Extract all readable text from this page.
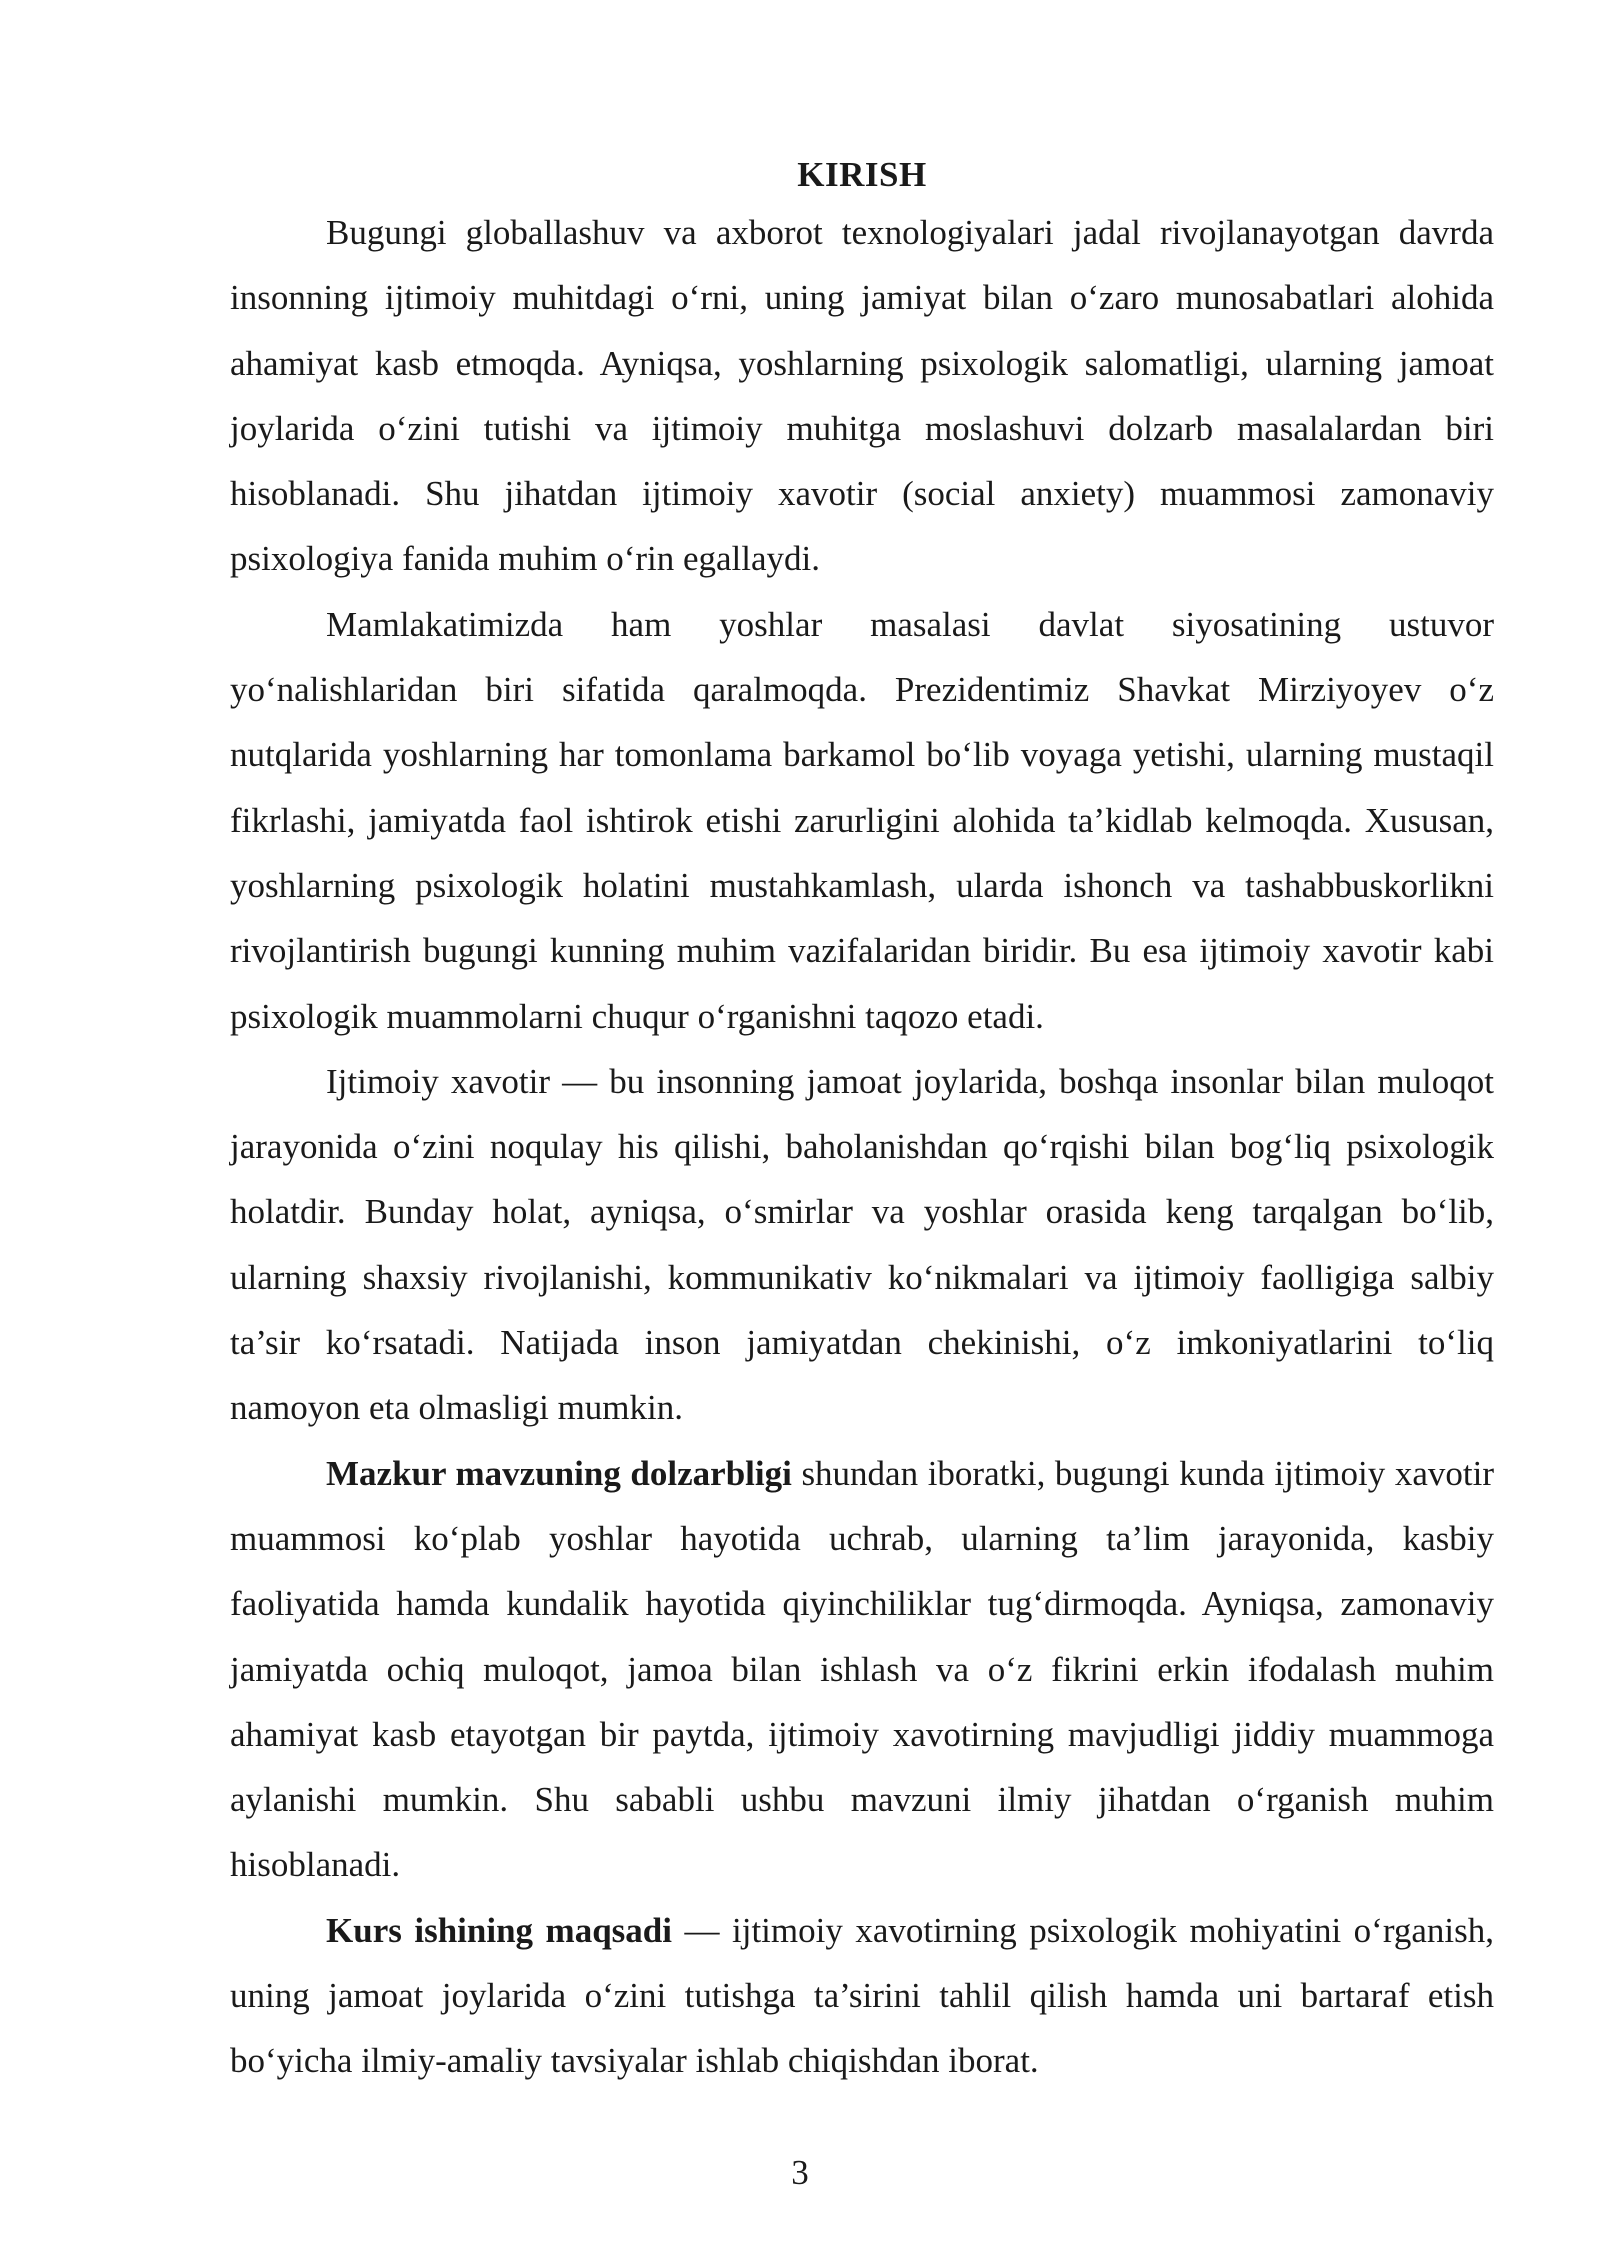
KIRISH

Bugungi globallashuv va axborot texnologiyalari jadal rivojlanayotgan davrda insonning ijtimoiy muhitdagi o‘rni, uning jamiyat bilan o‘zaro munosabatlari alohida ahamiyat kasb etmoqda. Ayniqsa, yoshlarning psixologik salomatligi, ularning jamoat joylarida o‘zini tutishi va ijtimoiy muhitga moslashuvi dolzarb masalalardan biri hisoblanadi. Shu jihatdan ijtimoiy xavotir (social anxiety) muammosi zamonaviy psixologiya fanida muhim o‘rin egallaydi.

Mamlakatimizda ham yoshlar masalasi davlat siyosatining ustuvor yo‘nalishlaridan biri sifatida qaralmoqda. Prezidentimiz Shavkat Mirziyoyev o‘z nutqlarida yoshlarning har tomonlama barkamol bo‘lib voyaga yetishi, ularning mustaqil fikrlashi, jamiyatda faol ishtirok etishi zarurligini alohida ta’kidlab kelmoqda. Xususan, yoshlarning psixologik holatini mustahkamlash, ularda ishonch va tashabbuskorlikni rivojlantirish bugungi kunning muhim vazifalaridan biridir. Bu esa ijtimoiy xavotir kabi psixologik muammolarni chuqur o‘rganishni taqozo etadi.

Ijtimoiy xavotir — bu insonning jamoat joylarida, boshqa insonlar bilan muloqot jarayonida o‘zini noqulay his qilishi, baholanishdan qo‘rqishi bilan bog‘liq psixologik holatdir. Bunday holat, ayniqsa, o‘smirlar va yoshlar orasida keng tarqalgan bo‘lib, ularning shaxsiy rivojlanishi, kommunikativ ko‘nikmalari va ijtimoiy faolligiga salbiy ta’sir ko‘rsatadi. Natijada inson jamiyatdan chekinishi, o‘z imkoniyatlarini to‘liq namoyon eta olmasligi mumkin.

Mazkur mavzuning dolzarbligi shundan iboratki, bugungi kunda ijtimoiy xavotir muammosi ko‘plab yoshlar hayotida uchrab, ularning ta’lim jarayonida, kasbiy faoliyatida hamda kundalik hayotida qiyinchiliklar tug‘dirmoqda. Ayniqsa, zamonaviy jamiyatda ochiq muloqot, jamoa bilan ishlash va o‘z fikrini erkin ifodalash muhim ahamiyat kasb etayotgan bir paytda, ijtimoiy xavotirning mavjudligi jiddiy muammoga aylanishi mumkin. Shu sababli ushbu mavzuni ilmiy jihatdan o‘rganish muhim hisoblanadi.

Kurs ishining maqsadi — ijtimoiy xavotirning psixologik mohiyatini o‘rganish, uning jamoat joylarida o‘zini tutishga ta’sirini tahlil qilish hamda uni bartaraf etish bo‘yicha ilmiy-amaliy tavsiyalar ishlab chiqishdan iborat.

3
